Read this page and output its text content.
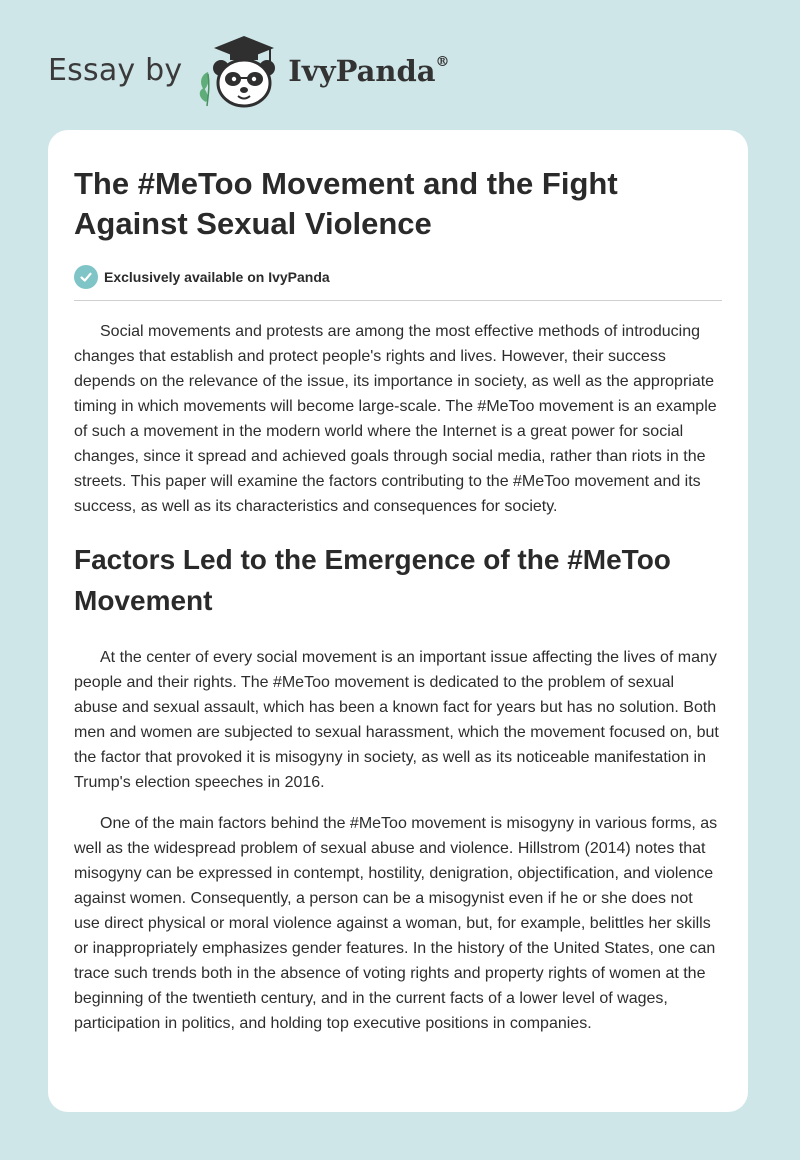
Essay by	IvyPanda®
The #MeToo Movement and the Fight Against Sexual Violence
Exclusively available on IvyPanda

Social movements and protests are among the most effective methods of introducing changes that establish and protect people's rights and lives. However, their success depends on the relevance of the issue, its importance in society, as well as the appropriate timing in which movements will become large-scale. The #MeToo movement is an example of such a movement in the modern world where the Internet is a great power for social changes, since it spread and achieved goals through social media, rather than riots in the streets. This paper will examine the factors contributing to the #MeToo movement and its success, as well as its characteristics and consequences for society.

Factors Led to the Emergence of the #MeToo Movement

At the center of every social movement is an important issue affecting the lives of many people and their rights. The #MeToo movement is dedicated to the problem of sexual abuse and sexual assault, which has been a known fact for years but has no solution. Both men and women are subjected to sexual harassment, which the movement focused on, but the factor that provoked it is misogyny in society, as well as its noticeable manifestation in Trump's election speeches in 2016.

One of the main factors behind the #MeToo movement is misogyny in various forms, as well as the widespread problem of sexual abuse and violence. Hillstrom (2014) notes that misogyny can be expressed in contempt, hostility, denigration, objectification, and violence against women. Consequently, a person can be a misogynist even if he or she does not use direct physical or moral violence against a woman, but, for example, belittles her skills or inappropriately emphasizes gender features. In the history of the United States, one can trace such trends both in the absence of voting rights and property rights of women at the beginning of the twentieth century, and in the current facts of a lower level of wages, participation in politics, and holding top executive positions in companies.
